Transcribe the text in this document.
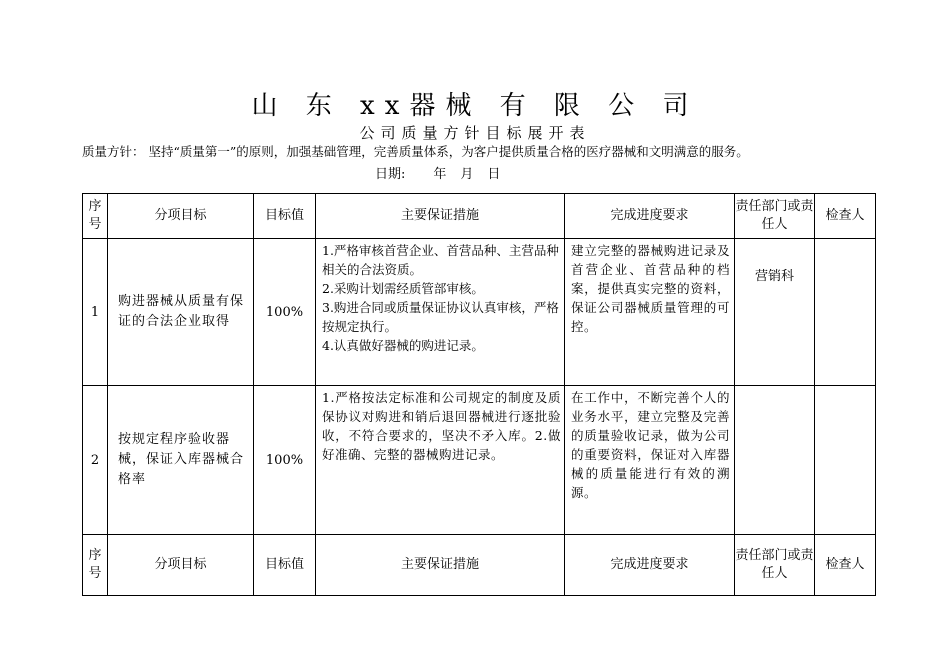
山 东 xx器械 有 限 公 司
公司质量方针目标展开表
质量方针： 坚持“质量第一”的原则，加强基础管理，完善质量体系，为客户提供质量合格的医疗器械和文明满意的服务。
日期: 年 月 日
序号	分项目标	目标值	主要保证措施	完成进度要求	责任部门或责任人	检查人
1	购进器械从质量有保证的合法企业取得	100%	1.严格审核首营企业、首营品种、主营品种相关的合法资质。
2.采购计划需经质管部审核。
3.购进合同或质量保证协议认真审核，严格按规定执行。
4.认真做好器械的购进记录。	建立完整的器械购进记录及首营企业、首营品种的档案，提供真实完整的资料，保证公司器械质量管理的可控。	营销科	
2	按规定程序验收器械，保证入库器械合格率	100%	1.严格按法定标准和公司规定的制度及质保协议对购进和销后退回器械进行逐批验收，不符合要求的，坚决不矛入库。2.做好准确、完整的器械购进记录。	在工作中，不断完善个人的业务水平，建立完整及完善的质量验收记录，做为公司的重要资料，保证对入库器械的质量能进行有效的溯源。		
序号	分项目标	目标值	主要保证措施	完成进度要求	责任部门或责任人	检查人
